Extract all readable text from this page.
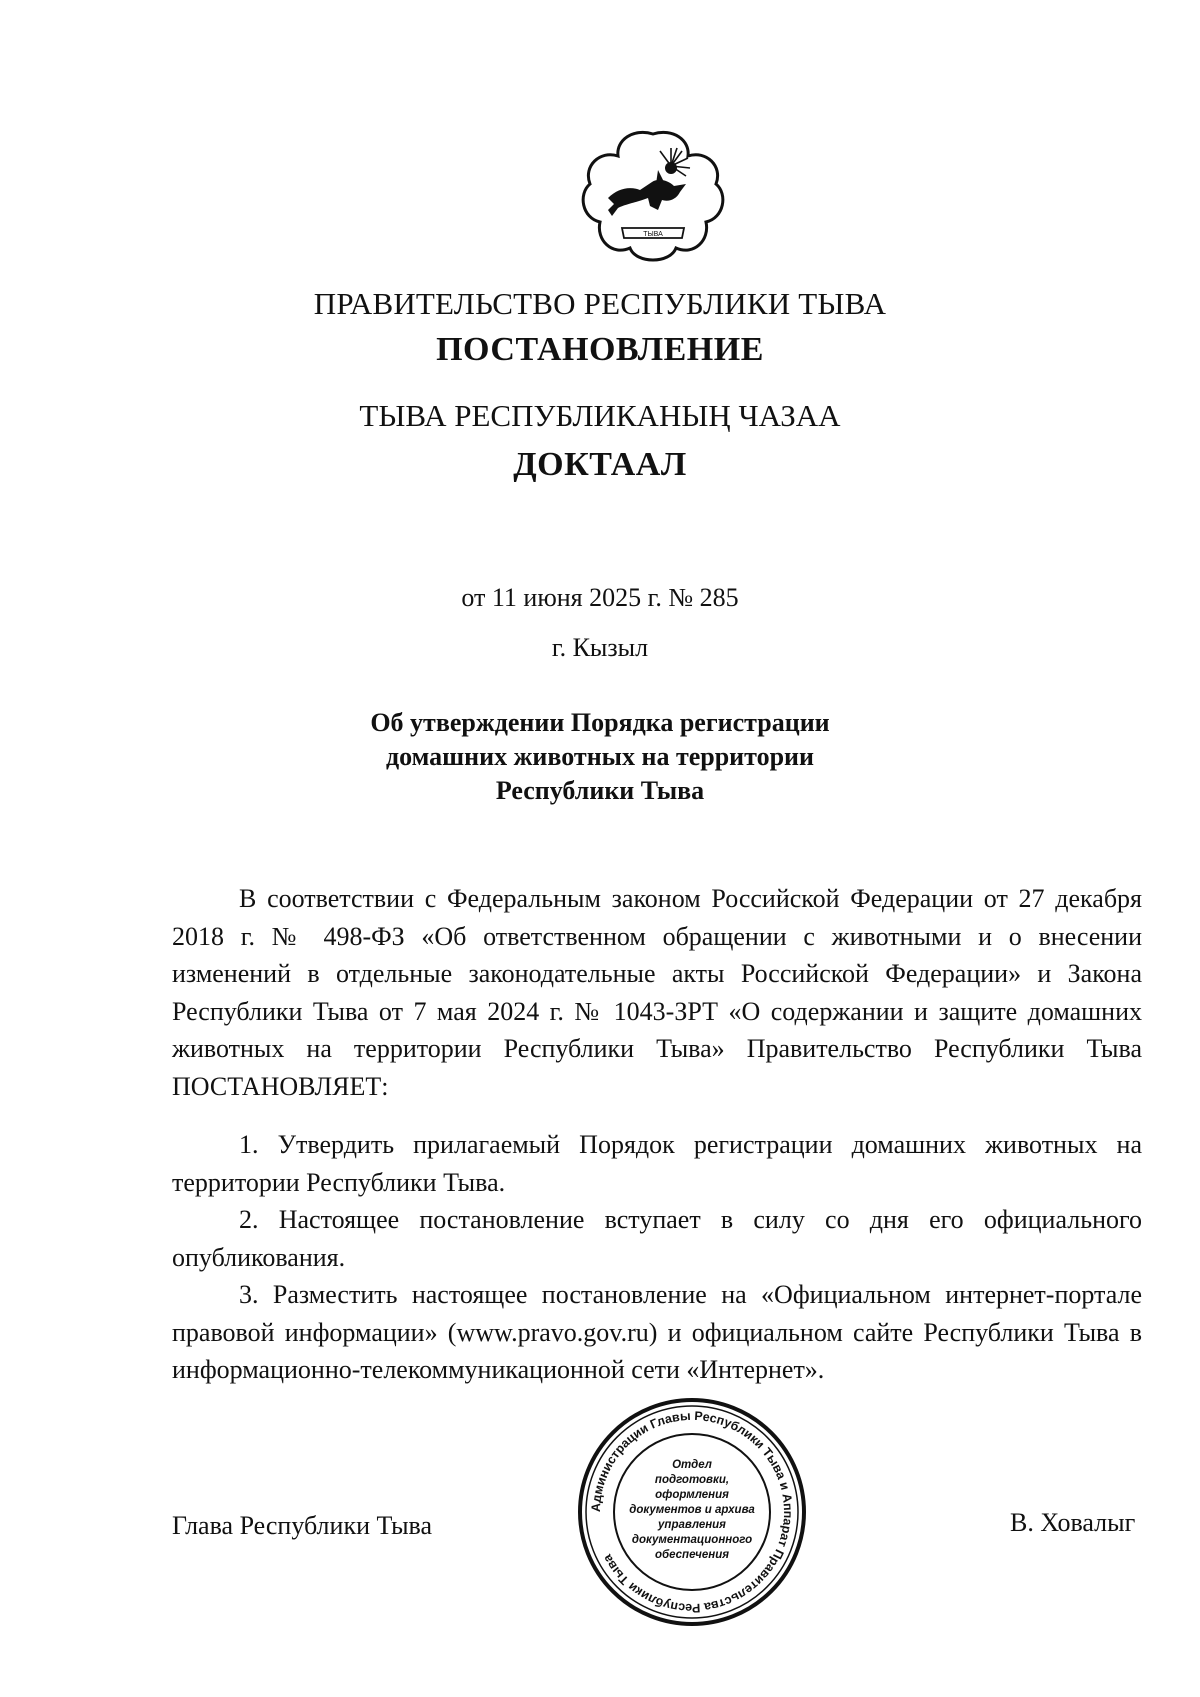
ТЫВА
ПРАВИТЕЛЬСТВО РЕСПУБЛИКИ ТЫВА
ПОСТАНОВЛЕНИЕ
ТЫВА РЕСПУБЛИКАНЫҢ ЧАЗАА
ДОКТААЛ
от 11 июня 2025 г. № 285
г. Кызыл
Об утверждении Порядка регистрации
домашних животных на территории
Республики Тыва
В соответствии с Федеральным законом Российской Федерации от 27 декабря 2018 г. № 498-ФЗ «Об ответственном обращении с животными и о внесении изменений в отдельные законодательные акты Российской Федерации» и Закона Республики Тыва от 7 мая 2024 г. № 1043-ЗРТ «О содержании и защите домашних животных на территории Республики Тыва» Правительство Республики Тыва ПОСТАНОВЛЯЕТ:
1. Утвердить прилагаемый Порядок регистрации домашних животных на территории Республики Тыва.
2. Настоящее постановление вступает в силу со дня его официального опубликования.
3. Разместить настоящее постановление на «Официальном интернет-портале правовой информации» (www.pravo.gov.ru) и официальном сайте Республики Тыва в информационно-телекоммуникационной сети «Интернет».
Глава Республики Тыва	В. Ховалыг
Администрации Главы Республики Тыва и Аппарат Правительства Республики Тыва
Отдел
подготовки,
оформления
документов и архива
управления
документационного
обеспечения
